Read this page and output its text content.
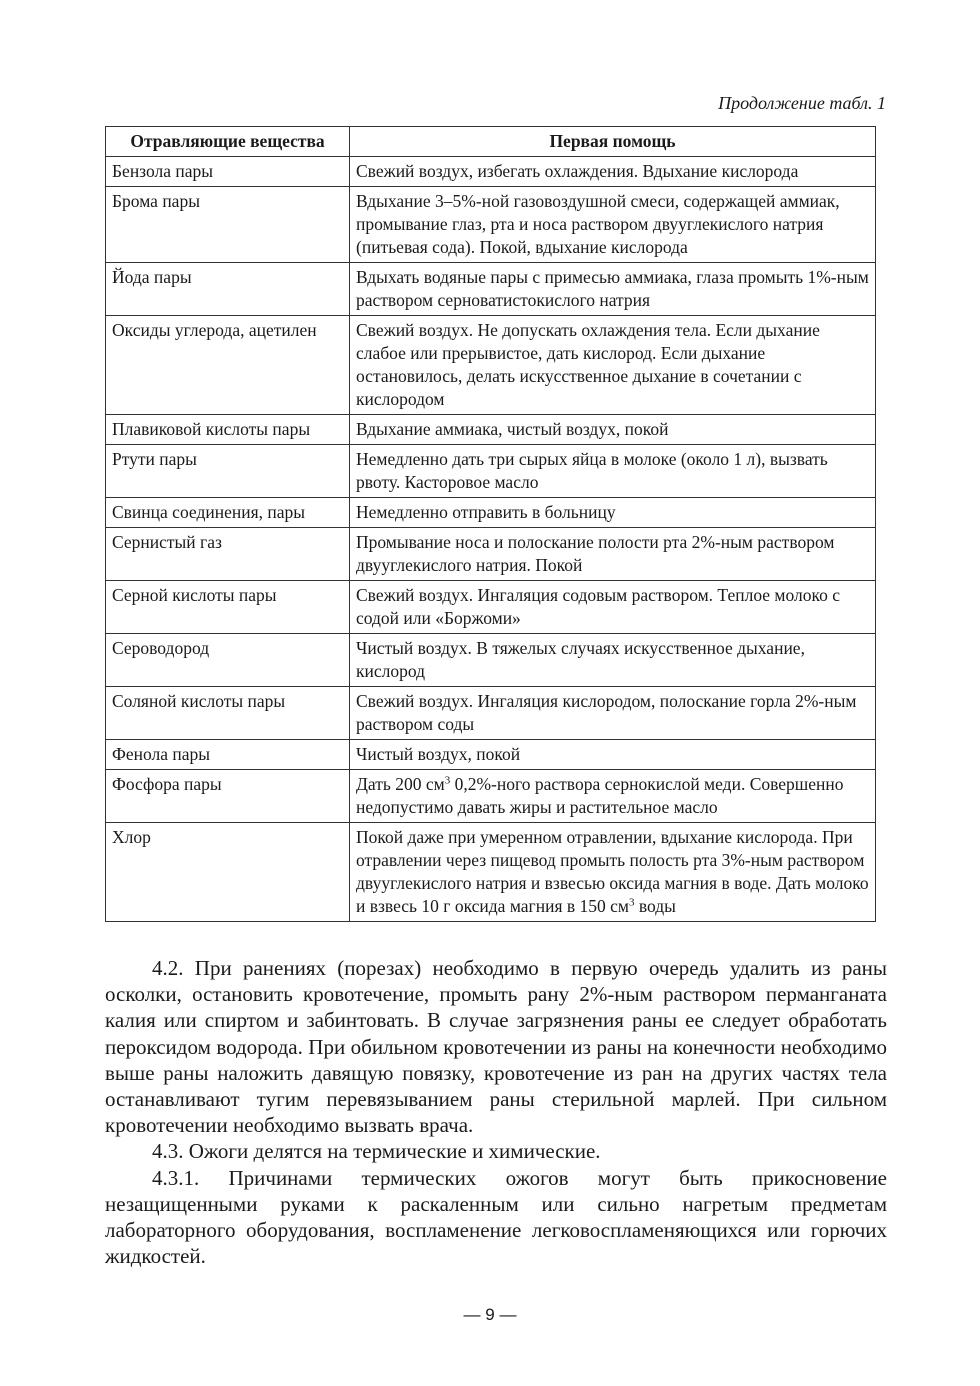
Продолжение табл. 1
Отравляющие вещества	Первая помощь
Бензола пары	Свежий воздух, избегать охлаждения. Вдыхание кислорода
Брома пары	Вдыхание 3–5%-ной газовоздушной смеси, содержащей аммиак, промывание глаз, рта и носа раствором двууглекислого натрия (питьевая сода). Покой, вдыхание кислорода
Йода пары	Вдыхать водяные пары с примесью аммиака, глаза промыть 1%-ным раствором серноватистокислого натрия
Оксиды углерода, ацетилен	Свежий воздух. Не допускать охлаждения тела. Если дыхание слабое или прерывистое, дать кислород. Если дыхание остановилось, делать искусственное дыхание в сочетании с кислородом
Плавиковой кислоты пары	Вдыхание аммиака, чистый воздух, покой
Ртути пары	Немедленно дать три сырых яйца в молоке (около 1 л), вызвать рвоту. Касторовое масло
Свинца соединения, пары	Немедленно отправить в больницу
Сернистый газ	Промывание носа и полоскание полости рта 2%-ным раствором двууглекислого натрия. Покой
Серной кислоты пары	Свежий воздух. Ингаляция содовым раствором. Теплое молоко с содой или «Боржоми»
Сероводород	Чистый воздух. В тяжелых случаях искусственное дыхание, кислород
Соляной кислоты пары	Свежий воздух. Ингаляция кислородом, полоскание горла 2%-ным раствором соды
Фенола пары	Чистый воздух, покой
Фосфора пары	Дать 200 $см^3$ 0,2%-ного раствора сернокислой меди. Совершенно недопустимо давать жиры и растительное масло
Хлор	Покой даже при умеренном отравлении, вдыхание кислорода. При отравлении через пищевод промыть полость рта 3%-ным раствором двууглекислого натрия и взвесью оксида магния в воде. Дать молоко и взвесь 10 г оксида магния в 150 $см^3$ воды

4.2. При ранениях (порезах) необходимо в первую очередь удалить из раны осколки, остановить кровотечение, промыть рану 2%-ным раствором перманганата калия или спиртом и забинтовать. В случае загрязнения раны ее следует обработать пероксидом водорода. При обильном кровотечении из раны на конечности необходимо выше раны наложить давящую повязку, кровотечение из ран на других частях тела останавливают тугим перевязыванием раны стерильной марлей. При сильном кровотечении необходимо вызвать врача.

4.3. Ожоги делятся на термические и химические.

4.3.1. Причинами термических ожогов могут быть прикосновение незащищенными руками к раскаленным или сильно нагретым предметам лабораторного оборудования, воспламенение легковоспламеняющихся или горючих жидкостей.

— 9 —
